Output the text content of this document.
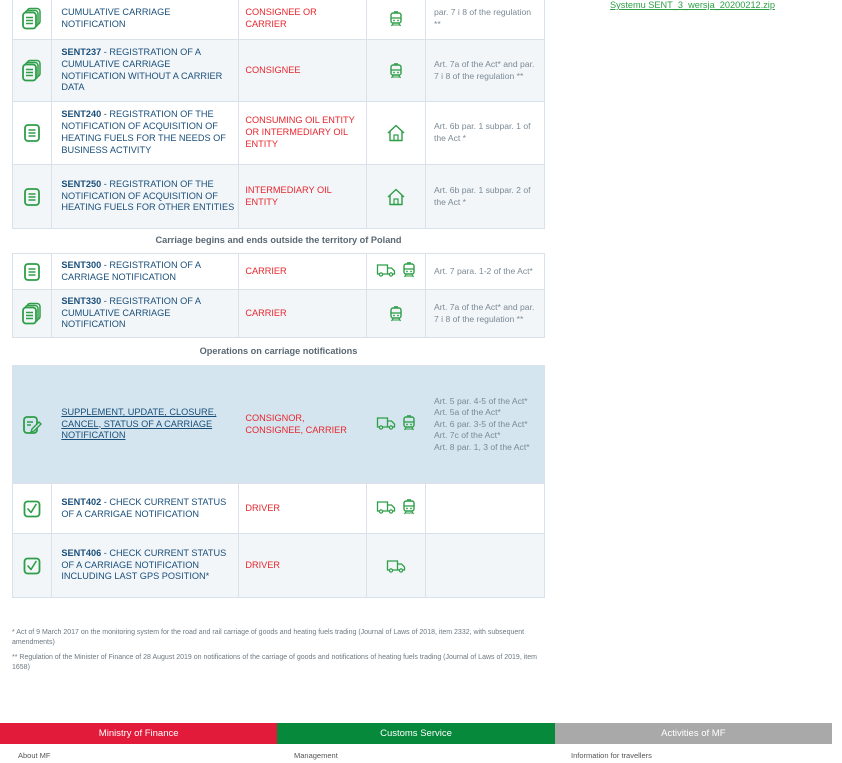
Systemu SENT_3_wersja_20200212.zip
	CUMULATIVE CARRIAGE NOTIFICATION	CONSIGNEE OR CARRIER		par. 7 i 8 of the regulation **

	SENT237 - REGISTRATION OF A CUMULATIVE CARRIAGE NOTIFICATION WITHOUT A CARRIER DATA	CONSIGNEE		Art. 7a of the Act* and par. 7 i 8 of the regulation **

	SENT240 - REGISTRATION OF THE NOTIFICATION OF ACQUISITION OF HEATING FUELS FOR THE NEEDS OF BUSINESS ACTIVITY	CONSUMING OIL ENTITY OR INTERMEDIARY OIL ENTITY		Art. 6b par. 1 subpar. 1 of the Act *

	SENT250 - REGISTRATION OF THE NOTIFICATION OF ACQUISITION OF HEATING FUELS FOR OTHER ENTITIES	INTERMEDIARY OIL ENTITY		Art. 6b par. 1 subpar. 2 of the Act *
Carriage begins and ends outside the territory of Poland				

	SENT300 - REGISTRATION OF A CARRIAGE NOTIFICATION	CARRIER		Art. 7 para. 1-2 of the Act*

	SENT330 - REGISTRATION OF A CUMULATIVE CARRIAGE NOTIFICATION	CARRIER		Art. 7a of the Act* and par. 7 i 8 of the regulation **
Operations on carriage notifications				

	SUPPLEMENT, UPDATE, CLOSURE, CANCEL, STATUS OF A CARRIAGE NOTIFICATION	CONSIGNOR, CONSIGNEE, CARRIER		Art. 5 par. 4-5 of the Act*
Art. 5a of the Act*
Art. 6 par. 3-5 of the Act*
Art. 7c of the Act*
Art. 8 par. 1, 3 of the Act*

	SENT402 - CHECK CURRENT STATUS OF A CARRIGAE NOTIFICATION	DRIVER	

	SENT406 - CHECK CURRENT STATUS OF A CARRIAGE NOTIFICATION INCLUDING LAST GPS POSITION*	DRIVER	

* Act of 9 March 2017 on the monitoring system for the road and rail carriage of goods and heating fuels trading (Journal of Laws of 2018, item 2332, with subsequent amendments)

** Regulation of the Minister of Finance of 28 August 2019 on notifications of the carriage of goods and notifications of heating fuels trading (Journal of Laws of 2019, item 1658)

Ministry of Finance	Customs Service	Activities of MF
About MF	Management	Information for travellers
